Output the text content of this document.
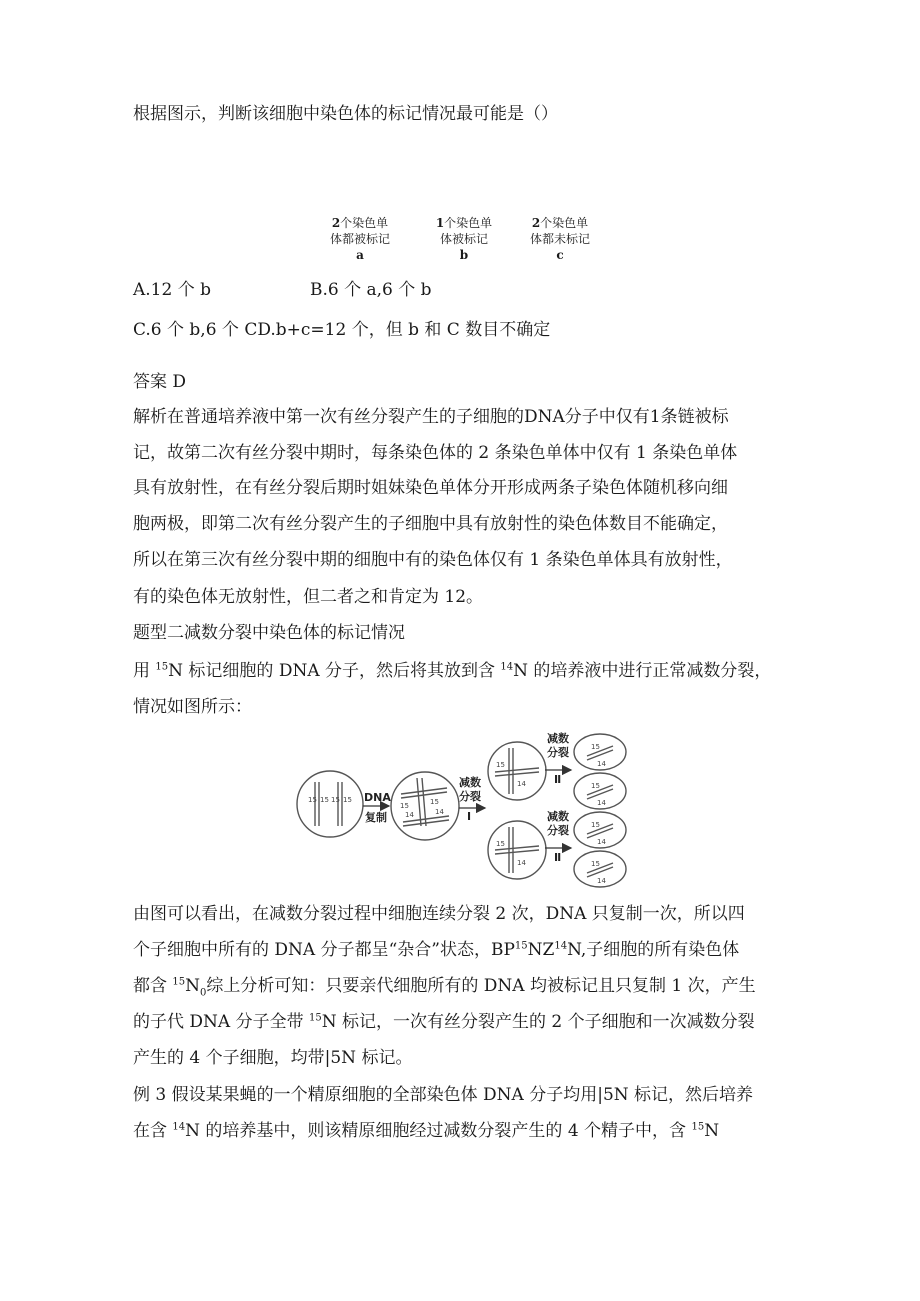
根据图示，判断该细胞中染色体的标记情况最可能是（）
2个染色单
体都被标记
a
1个染色单
体被标记
b
2个染色单
体都未标记
c
A.12 个 b	B.6 个 a,6 个 b
C.6 个 b,6 个 CD.b+c=12 个，但 b 和 C 数目不确定
答案 D
解析在普通培养液中第一次有丝分裂产生的子细胞的DNA分子中仅有1条链被标
记，故第二次有丝分裂中期时，每条染色体的 2 条染色单体中仅有 1 条染色单体
具有放射性，在有丝分裂后期时姐妹染色单体分开形成两条子染色体随机移向细
胞两极，即第二次有丝分裂产生的子细胞中具有放射性的染色体数目不能确定，
所以在第三次有丝分裂中期的细胞中有的染色体仅有 1 条染色单体具有放射性，
有的染色体无放射性，但二者之和肯定为 12。
题型二减数分裂中染色体的标记情况
用 $^{15}$N 标记细胞的 DNA 分子，然后将其放到含 $^{14}$N 的培养液中进行正常减数分裂，
情况如图所示：
15 15 15 15
15
14
15
14
15
14
15
14
15
14
15
14
15
14
15
14
DNA
复制
减数
分裂
Ⅰ
减数
分裂
Ⅱ
减数
分裂
Ⅱ
由图可以看出，在减数分裂过程中细胞连续分裂 2 次，DNA 只复制一次，所以四
个子细胞中所有的 DNA 分子都呈“杂合”状态，BP$^{15}$NZ$^{14}$N,子细胞的所有染色体
都含 $^{15}N_0$综上分析可知：只要亲代细胞所有的 DNA 均被标记且只复制 1 次，产生
的子代 DNA 分子全带 $^{15}$N 标记，一次有丝分裂产生的 2 个子细胞和一次减数分裂
产生的 4 个子细胞，均带|5N 标记。
例 3 假设某果蝇的一个精原细胞的全部染色体 DNA 分子均用|5N 标记，然后培养
在含 $^{14}$N 的培养基中，则该精原细胞经过减数分裂产生的 4 个精子中，含 $^{15}$N
